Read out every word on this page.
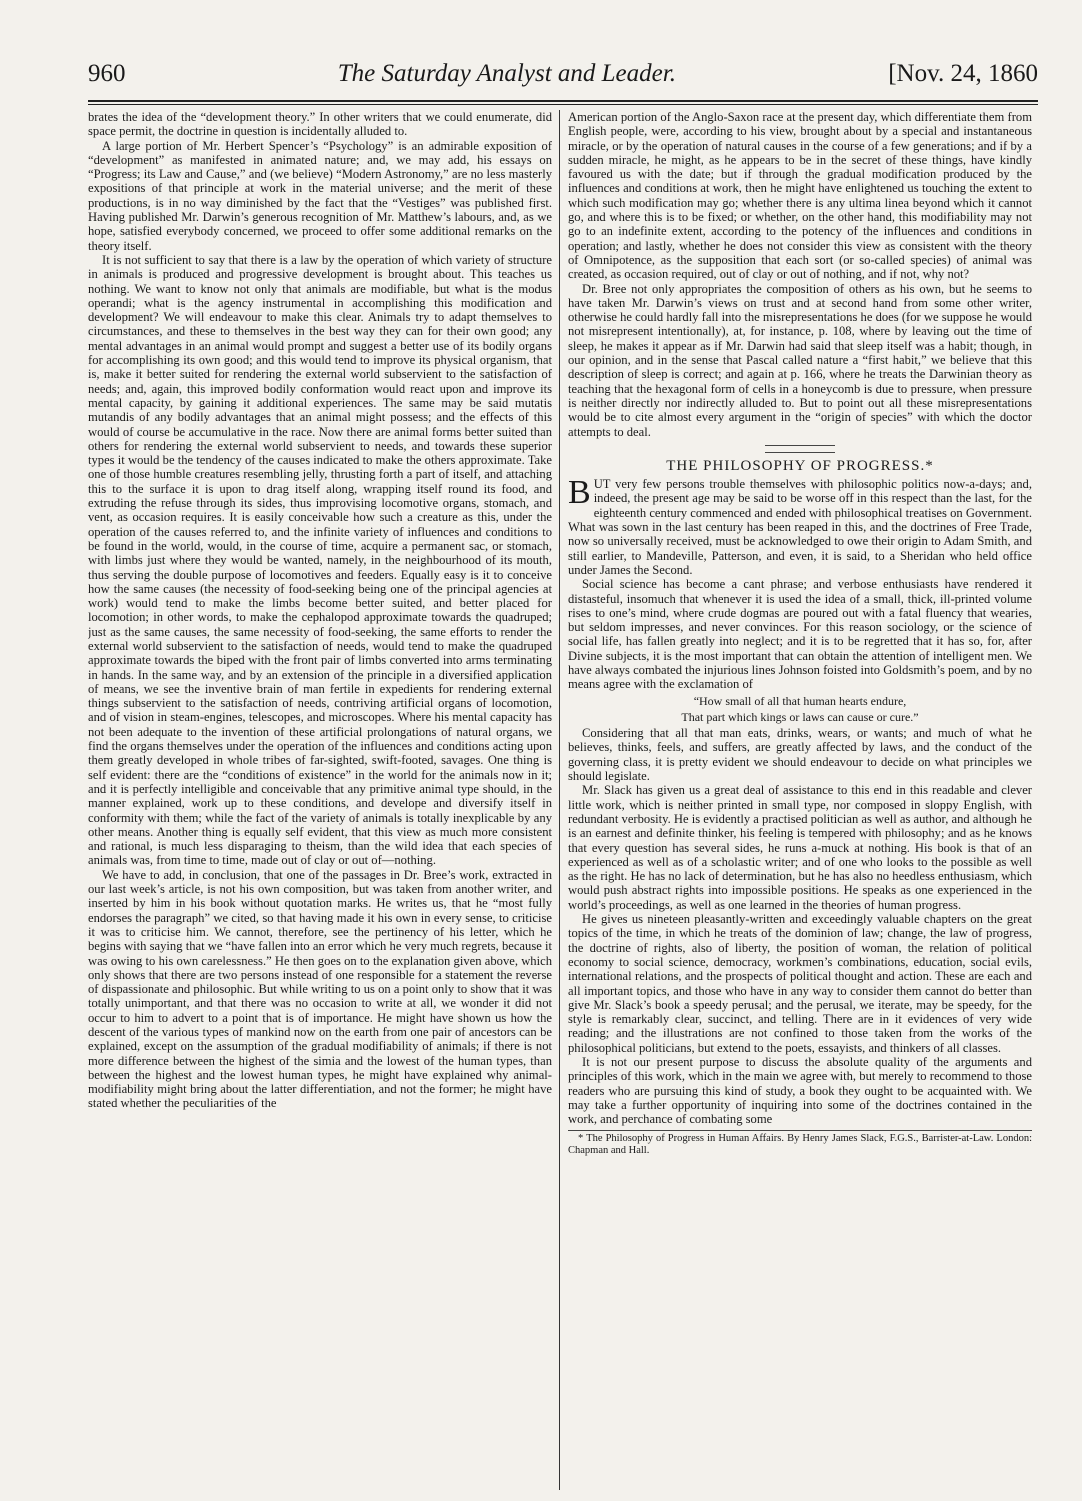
960	The Saturday Analyst and Leader.	[Nov. 24, 1860

brates the idea of the “development theory.” In other writers that we could enumerate, did space permit, the doctrine in question is incidentally alluded to.

A large portion of Mr. Herbert Spencer’s “Psychology” is an admirable exposition of “development” as manifested in animated nature; and, we may add, his essays on “Progress; its Law and Cause,” and (we believe) “Modern Astronomy,” are no less masterly expositions of that principle at work in the material universe; and the merit of these productions, is in no way diminished by the fact that the “Vestiges” was published first. Having published Mr. Darwin’s generous recognition of Mr. Matthew’s labours, and, as we hope, satisfied everybody concerned, we proceed to offer some additional remarks on the theory itself.

It is not sufficient to say that there is a law by the operation of which variety of structure in animals is produced and progressive development is brought about. This teaches us nothing. We want to know not only that animals are modifiable, but what is the modus operandi; what is the agency instrumental in accomplishing this modification and development? We will endeavour to make this clear. Animals try to adapt themselves to circumstances, and these to themselves in the best way they can for their own good; any mental advantages in an animal would prompt and suggest a better use of its bodily organs for accomplishing its own good; and this would tend to improve its physical organism, that is, make it better suited for rendering the external world subservient to the satisfaction of needs; and, again, this improved bodily conformation would react upon and improve its mental capacity, by gaining it additional experiences. The same may be said mutatis mutandis of any bodily advantages that an animal might possess; and the effects of this would of course be accumulative in the race. Now there are animal forms better suited than others for rendering the external world subservient to needs, and towards these superior types it would be the tendency of the causes indicated to make the others approximate. Take one of those humble creatures resembling jelly, thrusting forth a part of itself, and attaching this to the surface it is upon to drag itself along, wrapping itself round its food, and extruding the refuse through its sides, thus improvising locomotive organs, stomach, and vent, as occasion requires. It is easily conceivable how such a creature as this, under the operation of the causes referred to, and the infinite variety of influences and conditions to be found in the world, would, in the course of time, acquire a permanent sac, or stomach, with limbs just where they would be wanted, namely, in the neighbourhood of its mouth, thus serving the double purpose of locomotives and feeders. Equally easy is it to conceive how the same causes (the necessity of food-seeking being one of the principal agencies at work) would tend to make the limbs become better suited, and better placed for locomotion; in other words, to make the cephalopod approximate towards the quadruped; just as the same causes, the same necessity of food-seeking, the same efforts to render the external world subservient to the satisfaction of needs, would tend to make the quadruped approximate towards the biped with the front pair of limbs converted into arms terminating in hands. In the same way, and by an extension of the principle in a diversified application of means, we see the inventive brain of man fertile in expedients for rendering external things subservient to the satisfaction of needs, contriving artificial organs of locomotion, and of vision in steam-engines, telescopes, and microscopes. Where his mental capacity has not been adequate to the invention of these artificial prolongations of natural organs, we find the organs themselves under the operation of the influences and conditions acting upon them greatly developed in whole tribes of far-sighted, swift-footed, savages. One thing is self evident: there are the “conditions of existence” in the world for the animals now in it; and it is perfectly intelligible and conceivable that any primitive animal type should, in the manner explained, work up to these conditions, and develope and diversify itself in conformity with them; while the fact of the variety of animals is totally inexplicable by any other means. Another thing is equally self evident, that this view as much more consistent and rational, is much less disparaging to theism, than the wild idea that each species of animals was, from time to time, made out of clay or out of—nothing.

We have to add, in conclusion, that one of the passages in Dr. Bree’s work, extracted in our last week’s article, is not his own composition, but was taken from another writer, and inserted by him in his book without quotation marks. He writes us, that he “most fully endorses the paragraph” we cited, so that having made it his own in every sense, to criticise it was to criticise him. We cannot, therefore, see the pertinency of his letter, which he begins with saying that we “have fallen into an error which he very much regrets, because it was owing to his own carelessness.” He then goes on to the explanation given above, which only shows that there are two persons instead of one responsible for a statement the reverse of dispassionate and philosophic. But while writing to us on a point only to show that it was totally unimportant, and that there was no occasion to write at all, we wonder it did not occur to him to advert to a point that is of importance. He might have shown us how the descent of the various types of mankind now on the earth from one pair of ancestors can be explained, except on the assumption of the gradual modifiability of animals; if there is not more difference between the highest of the simia and the lowest of the human types, than between the highest and the lowest human types, he might have explained why animal-modifiability might bring about the latter differentiation, and not the former; he might have stated whether the peculiarities of the

American portion of the Anglo-Saxon race at the present day, which differentiate them from English people, were, according to his view, brought about by a special and instantaneous miracle, or by the operation of natural causes in the course of a few generations; and if by a sudden miracle, he might, as he appears to be in the secret of these things, have kindly favoured us with the date; but if through the gradual modification produced by the influences and conditions at work, then he might have enlightened us touching the extent to which such modification may go; whether there is any ultima linea beyond which it cannot go, and where this is to be fixed; or whether, on the other hand, this modifiability may not go to an indefinite extent, according to the potency of the influences and conditions in operation; and lastly, whether he does not consider this view as consistent with the theory of Omnipotence, as the supposition that each sort (or so-called species) of animal was created, as occasion required, out of clay or out of nothing, and if not, why not?

Dr. Bree not only appropriates the composition of others as his own, but he seems to have taken Mr. Darwin’s views on trust and at second hand from some other writer, otherwise he could hardly fall into the misrepresentations he does (for we suppose he would not misrepresent intentionally), at, for instance, p. 108, where by leaving out the time of sleep, he makes it appear as if Mr. Darwin had said that sleep itself was a habit; though, in our opinion, and in the sense that Pascal called nature a “first habit,” we believe that this description of sleep is correct; and again at p. 166, where he treats the Darwinian theory as teaching that the hexagonal form of cells in a honeycomb is due to pressure, when pressure is neither directly nor indirectly alluded to. But to point out all these misrepresentations would be to cite almost every argument in the “origin of species” with which the doctor attempts to deal.

THE PHILOSOPHY OF PROGRESS.*

BUT very few persons trouble themselves with philosophic politics now-a-days; and, indeed, the present age may be said to be worse off in this respect than the last, for the eighteenth century commenced and ended with philosophical treatises on Government. What was sown in the last century has been reaped in this, and the doctrines of Free Trade, now so universally received, must be acknowledged to owe their origin to Adam Smith, and still earlier, to Mandeville, Patterson, and even, it is said, to a Sheridan who held office under James the Second.

Social science has become a cant phrase; and verbose enthusiasts have rendered it distasteful, insomuch that whenever it is used the idea of a small, thick, ill-printed volume rises to one’s mind, where crude dogmas are poured out with a fatal fluency that wearies, but seldom impresses, and never convinces. For this reason sociology, or the science of social life, has fallen greatly into neglect; and it is to be regretted that it has so, for, after Divine subjects, it is the most important that can obtain the attention of intelligent men. We have always combated the injurious lines Johnson foisted into Goldsmith’s poem, and by no means agree with the exclamation of

“How small of all that human hearts endure,

That part which kings or laws can cause or cure.”

Considering that all that man eats, drinks, wears, or wants; and much of what he believes, thinks, feels, and suffers, are greatly affected by laws, and the conduct of the governing class, it is pretty evident we should endeavour to decide on what principles we should legislate.

Mr. Slack has given us a great deal of assistance to this end in this readable and clever little work, which is neither printed in small type, nor composed in sloppy English, with redundant verbosity. He is evidently a practised politician as well as author, and although he is an earnest and definite thinker, his feeling is tempered with philosophy; and as he knows that every question has several sides, he runs a-muck at nothing. His book is that of an experienced as well as of a scholastic writer; and of one who looks to the possible as well as the right. He has no lack of determination, but he has also no heedless enthusiasm, which would push abstract rights into impossible positions. He speaks as one experienced in the world’s proceedings, as well as one learned in the theories of human progress.

He gives us nineteen pleasantly-written and exceedingly valuable chapters on the great topics of the time, in which he treats of the dominion of law; change, the law of progress, the doctrine of rights, also of liberty, the position of woman, the relation of political economy to social science, democracy, workmen’s combinations, education, social evils, international relations, and the prospects of political thought and action. These are each and all important topics, and those who have in any way to consider them cannot do better than give Mr. Slack’s book a speedy perusal; and the perusal, we iterate, may be speedy, for the style is remarkably clear, succinct, and telling. There are in it evidences of very wide reading; and the illustrations are not confined to those taken from the works of the philosophical politicians, but extend to the poets, essayists, and thinkers of all classes.

It is not our present purpose to discuss the absolute quality of the arguments and principles of this work, which in the main we agree with, but merely to recommend to those readers who are pursuing this kind of study, a book they ought to be acquainted with. We may take a further opportunity of inquiring into some of the doctrines contained in the work, and perchance of combating some

* The Philosophy of Progress in Human Affairs. By Henry James Slack, F.G.S., Barrister-at-Law. London: Chapman and Hall.
